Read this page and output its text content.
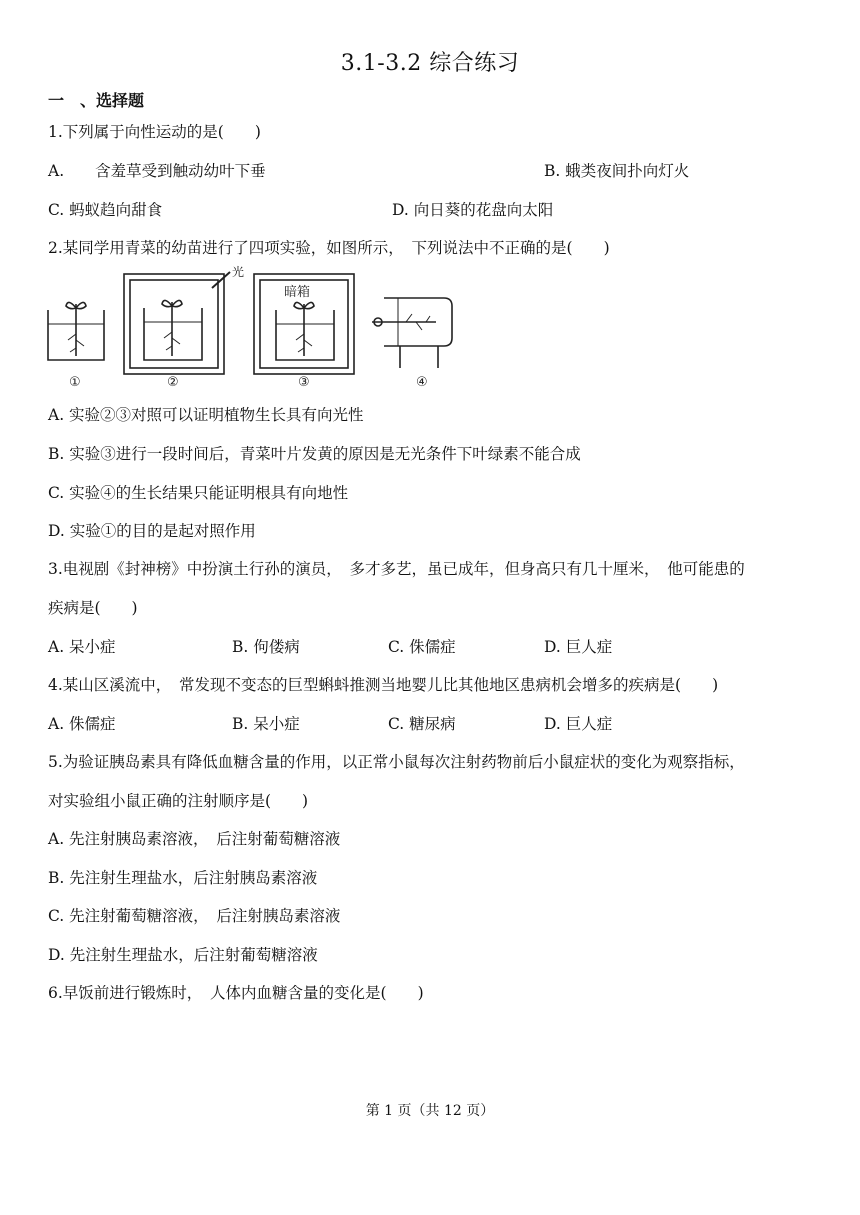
3.1-3.2 综合练习
一　、选择题
1.下列属于向性运动的是(　　)
A.　　含羞草受到触动幼叶下垂	B. 蛾类夜间扑向灯火
C. 蚂蚁趋向甜食	D. 向日葵的花盘向太阳
2.某同学用青菜的幼苗进行了四项实验，如图所示，　下列说法中不正确的是(　　)
光
暗箱
①	②	③	④
A. 实验②③对照可以证明植物生长具有向光性
B. 实验③进行一段时间后，青菜叶片发黄的原因是无光条件下叶绿素不能合成
C. 实验④的生长结果只能证明根具有向地性
D. 实验①的目的是起对照作用
3.电视剧《封神榜》中扮演土行孙的演员，　多才多艺，虽已成年，但身高只有几十厘米，　他可能患的
疾病是(　　)
A. 呆小症	B. 佝偻病	C. 侏儒症	D. 巨人症
4.某山区溪流中，　常发现不变态的巨型蝌蚪推测当地婴儿比其他地区患病机会增多的疾病是(　　)
A. 侏儒症	B. 呆小症	C. 糖尿病	D. 巨人症
5.为验证胰岛素具有降低血糖含量的作用，以正常小鼠每次注射药物前后小鼠症状的变化为观察指标，
对实验组小鼠正确的注射顺序是(　　)
A. 先注射胰岛素溶液，　后注射葡萄糖溶液
B. 先注射生理盐水，后注射胰岛素溶液
C. 先注射葡萄糖溶液，　后注射胰岛素溶液
D. 先注射生理盐水，后注射葡萄糖溶液
6.早饭前进行锻炼时，　人体内血糖含量的变化是(　　)
第 1 页（共 12 页）
